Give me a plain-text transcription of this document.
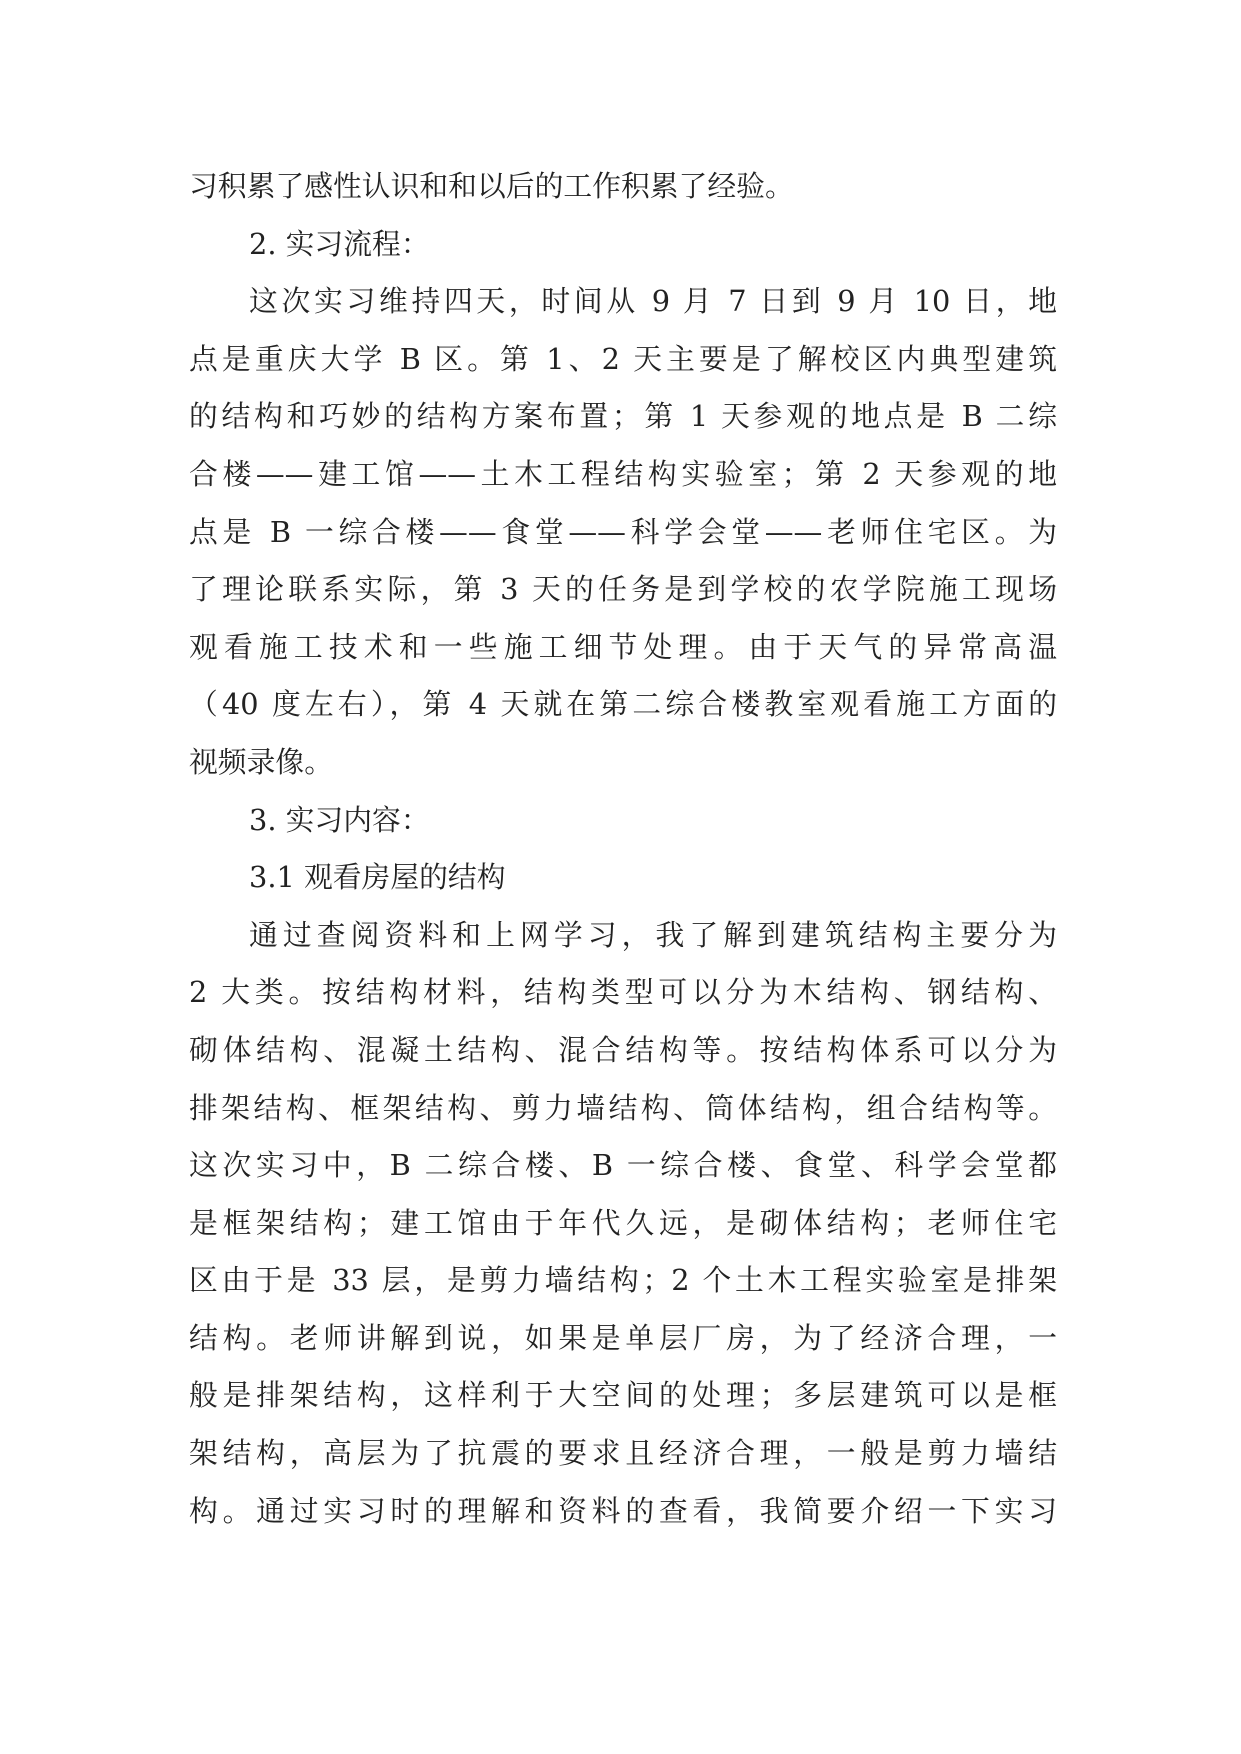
习积累了感性认识和和以后的工作积累了经验。
2. 实习流程：
这次实习维持四天，时间从 9 月 7 日到 9 月 10 日，地
点是重庆大学 B 区。第 1、2 天主要是了解校区内典型建筑
的结构和巧妙的结构方案布置；第 1 天参观的地点是 B 二综
合楼——建工馆——土木工程结构实验室；第 2 天参观的地
点是 B 一综合楼——食堂——科学会堂——老师住宅区。为
了理论联系实际，第 3 天的任务是到学校的农学院施工现场
观看施工技术和一些施工细节处理。由于天气的异常高温
（40 度左右），第 4 天就在第二综合楼教室观看施工方面的
视频录像。
3. 实习内容：
3.1 观看房屋的结构
通过查阅资料和上网学习，我了解到建筑结构主要分为
2 大类。按结构材料，结构类型可以分为木结构、钢结构、
砌体结构、混凝土结构、混合结构等。按结构体系可以分为
排架结构、框架结构、剪力墙结构、筒体结构，组合结构等。
这次实习中，B 二综合楼、B 一综合楼、食堂、科学会堂都
是框架结构；建工馆由于年代久远，是砌体结构；老师住宅
区由于是 33 层，是剪力墙结构；2 个土木工程实验室是排架
结构。老师讲解到说，如果是单层厂房，为了经济合理，一
般是排架结构，这样利于大空间的处理；多层建筑可以是框
架结构，高层为了抗震的要求且经济合理，一般是剪力墙结
构。通过实习时的理解和资料的查看，我简要介绍一下实习
